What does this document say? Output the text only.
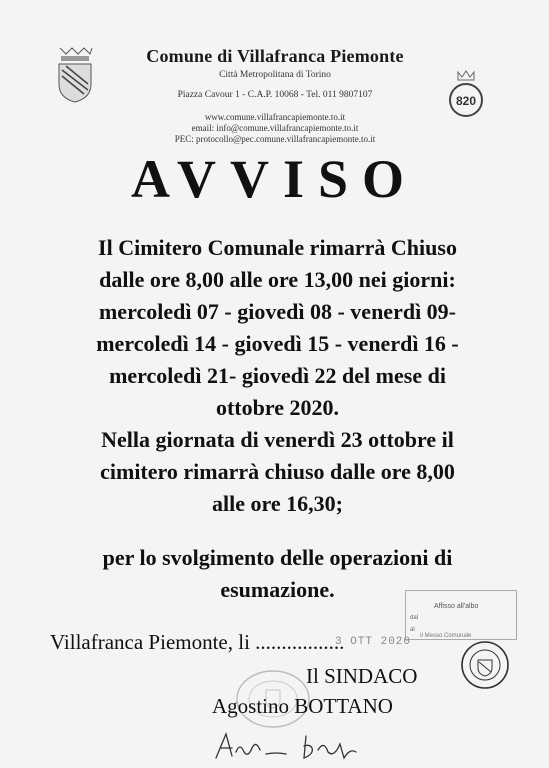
Comune di Villafranca Piemonte
Città Metropolitana di Torino
Piazza Cavour 1 - C.A.P. 10068 - Tel. 011 9807107
www.comune.villafrancapiemonte.to.it
email: info@comune.villafrancapiemonte.to.it
PEC: protocollo@pec.comune.villafrancapiemonte.to.it
820
AVVISO
Il Cimitero Comunale rimarrà Chiuso
dalle ore 8,00 alle ore 13,00 nei giorni:
mercoledì 07 - giovedì 08 - venerdì 09-
mercoledì 14 - giovedì 15 - venerdì 16 -
mercoledì 21- giovedì 22 del mese di
ottobre 2020.
Nella giornata di venerdì 23 ottobre il
cimitero rimarrà chiuso dalle ore 8,00
alle ore 16,30;
per lo svolgimento delle operazioni di
esumazione.
Affisso all'albo
dal
al
Il Messo Comunale
Villafranca Piemonte, li .................
3 OTT 2020
Il SINDACO
Agostino BOTTANO
